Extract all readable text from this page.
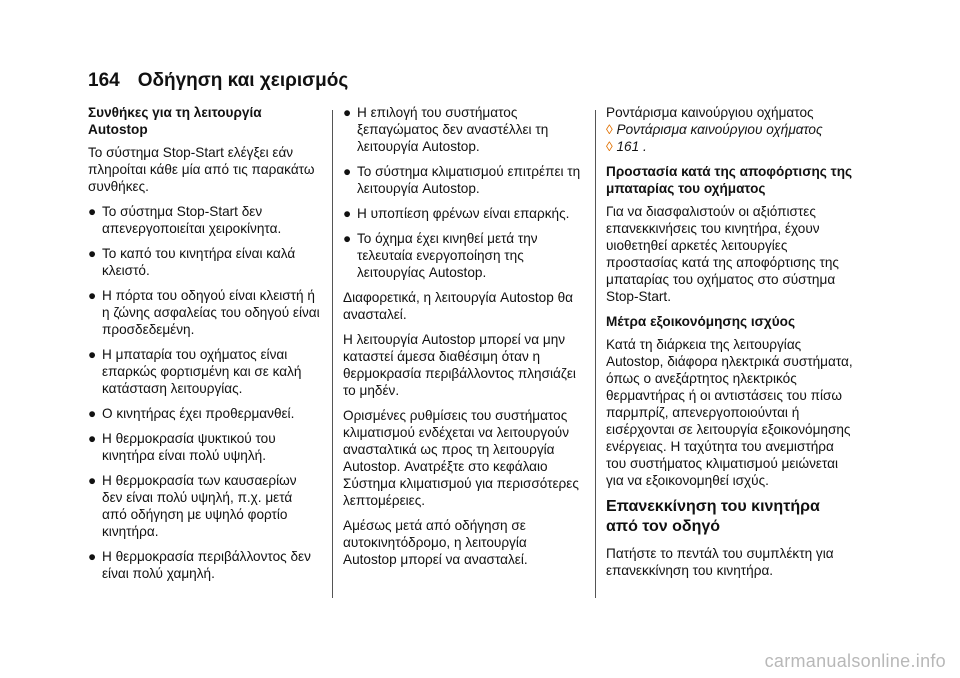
164 Οδήγηση και χειρισμός
Συνθήκες για τη λειτουργία Autostop
Το σύστημα Stop-Start ελέγξει εάν πληροίται κάθε μία από τις παρακάτω συνθήκες.
● Το σύστημα Stop-Start δεν απενεργοποιείται χειροκίνητα.
● Το καπό του κινητήρα είναι καλά κλειστό.
● Η πόρτα του οδηγού είναι κλειστή ή η ζώνης ασφαλείας του οδηγού είναι προσδεδεμένη.
● Η μπαταρία του οχήματος είναι επαρκώς φορτισμένη και σε καλή κατάσταση λειτουργίας.
● Ο κινητήρας έχει προθερμανθεί.
● Η θερμοκρασία ψυκτικού του κινητήρα είναι πολύ υψηλή.
● Η θερμοκρασία των καυσαερίων δεν είναι πολύ υψηλή, π.χ. μετά από οδήγηση με υψηλό φορτίο κινητήρα.
● Η θερμοκρασία περιβάλλοντος δεν είναι πολύ χαμηλή.
● Η επιλογή του συστήματος ξεπαγώματος δεν αναστέλλει τη λειτουργία Autostop.
● Το σύστημα κλιματισμού επιτρέπει τη λειτουργία Autostop.
● Η υποπίεση φρένων είναι επαρκής.
● Το όχημα έχει κινηθεί μετά την τελευταία ενεργοποίηση της λειτουργίας Autostop.
Διαφορετικά, η λειτουργία Autostop θα ανασταλεί.
Η λειτουργία Autostop μπορεί να μην καταστεί άμεσα διαθέσιμη όταν η θερμοκρασία περιβάλλοντος πλησιάζει το μηδέν.
Ορισμένες ρυθμίσεις του συστήματος κλιματισμού ενδέχεται να λειτουργούν ανασταλτικά ως προς τη λειτουργία Autostop. Ανατρέξτε στο κεφάλαιο Σύστημα κλιματισμού για περισσότερες λεπτομέρειες.
Αμέσως μετά από οδήγηση σε αυτοκινητόδρομο, η λειτουργία Autostop μπορεί να ανασταλεί.
Ροντάρισμα καινούργιου οχήματος
◊ Ροντάρισμα καινούργιου οχήματος
◊ 161 .
Προστασία κατά της αποφόρτισης της μπαταρίας του οχήματος
Για να διασφαλιστούν οι αξιόπιστες επανεκκινήσεις του κινητήρα, έχουν υιοθετηθεί αρκετές λειτουργίες προστασίας κατά της αποφόρτισης της μπαταρίας του οχήματος στο σύστημα Stop-Start.
Μέτρα εξοικονόμησης ισχύος
Κατά τη διάρκεια της λειτουργίας Autostop, διάφορα ηλεκτρικά συστήματα, όπως ο ανεξάρτητος ηλεκτρικός θερμαντήρας ή οι αντιστάσεις του πίσω παρμπρίζ, απενεργοποιούνται ή εισέρχονται σε λειτουργία εξοικονόμησης ενέργειας. Η ταχύτητα του ανεμιστήρα του συστήματος κλιματισμού μειώνεται για να εξοικονομηθεί ισχύς.
Επανεκκίνηση του κινητήρα από τον οδηγό
Πατήστε το πεντάλ του συμπλέκτη για επανεκκίνηση του κινητήρα.
carmanualsonline.info
